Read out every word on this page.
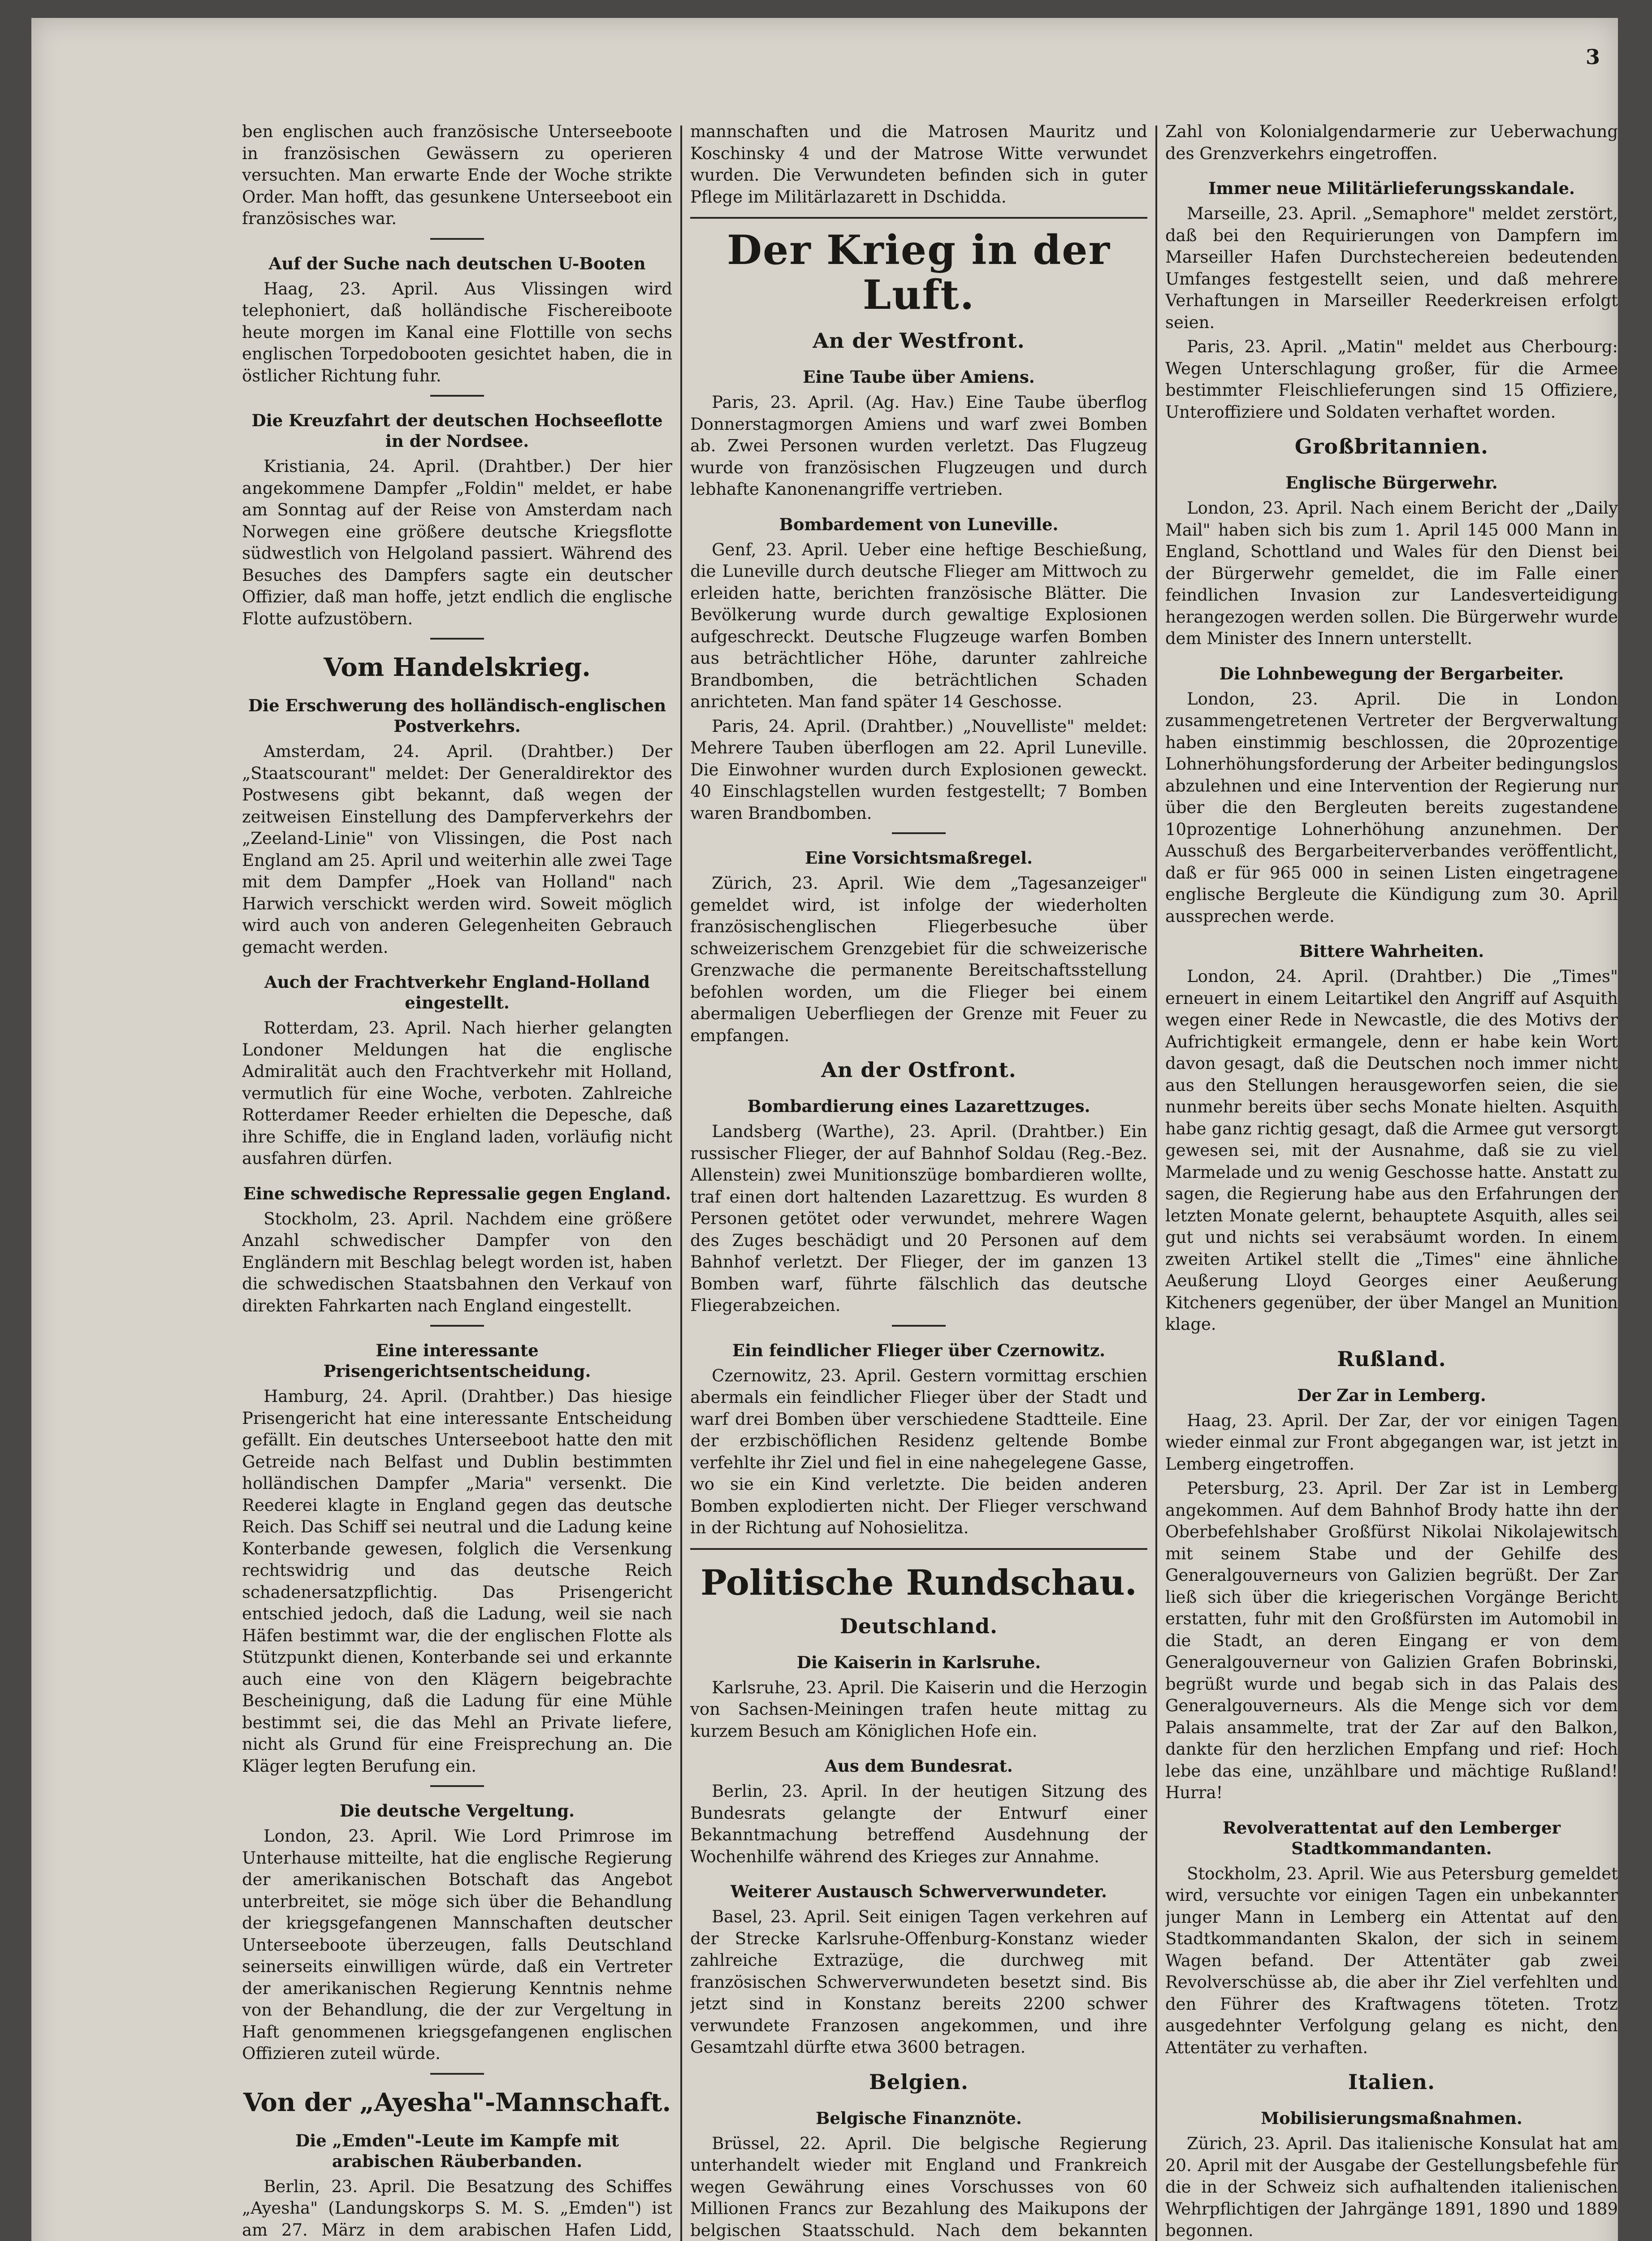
3

ben englischen auch französische Unterseeboote in französischen Gewässern zu operieren versuchten. Man erwarte Ende der Woche strikte Order. Man hofft, das gesunkene Unterseeboot ein französisches war.

Auf der Suche nach deutschen U-Booten

Haag, 23. April. Aus Vlissingen wird telephoniert, daß holländische Fischereiboote heute morgen im Kanal eine Flottille von sechs englischen Torpedobooten gesichtet haben, die in östlicher Richtung fuhr.

Die Kreuzfahrt der deutschen Hochseeflotte in der Nordsee.

Kristiania, 24. April. (Drahtber.) Der hier angekommene Dampfer „Foldin" meldet, er habe am Sonntag auf der Reise von Amsterdam nach Norwegen eine größere deutsche Kriegsflotte südwestlich von Helgoland passiert. Während des Besuches des Dampfers sagte ein deutscher Offizier, daß man hoffe, jetzt endlich die englische Flotte aufzustöbern.

Vom Handelskrieg.
Die Erschwerung des holländisch-englischen Postverkehrs.

Amsterdam, 24. April. (Drahtber.) Der „Staatscourant" meldet: Der Generaldirektor des Postwesens gibt bekannt, daß wegen der zeitweisen Einstellung des Dampferverkehrs der „Zeeland-Linie" von Vlissingen, die Post nach England am 25. April und weiterhin alle zwei Tage mit dem Dampfer „Hoek van Holland" nach Harwich verschickt werden wird. Soweit möglich wird auch von anderen Gelegenheiten Gebrauch gemacht werden.

Auch der Frachtverkehr England-Holland eingestellt.

Rotterdam, 23. April. Nach hierher gelangten Londoner Meldungen hat die englische Admiralität auch den Frachtverkehr mit Holland, vermutlich für eine Woche, verboten. Zahlreiche Rotterdamer Reeder erhielten die Depesche, daß ihre Schiffe, die in England laden, vorläufig nicht ausfahren dürfen.

Eine schwedische Repressalie gegen England.

Stockholm, 23. April. Nachdem eine größere Anzahl schwedischer Dampfer von den Engländern mit Beschlag belegt worden ist, haben die schwedischen Staatsbahnen den Verkauf von direkten Fahrkarten nach England eingestellt.

Eine interessante Prisengerichtsentscheidung.

Hamburg, 24. April. (Drahtber.) Das hiesige Prisengericht hat eine interessante Entscheidung gefällt. Ein deutsches Unterseeboot hatte den mit Getreide nach Belfast und Dublin bestimmten holländischen Dampfer „Maria" versenkt. Die Reederei klagte in England gegen das deutsche Reich. Das Schiff sei neutral und die Ladung keine Konterbande gewesen, folglich die Versenkung rechtswidrig und das deutsche Reich schadenersatzpflichtig. Das Prisengericht entschied jedoch, daß die Ladung, weil sie nach Häfen bestimmt war, die der englischen Flotte als Stützpunkt dienen, Konterbande sei und erkannte auch eine von den Klägern beigebrachte Bescheinigung, daß die Ladung für eine Mühle bestimmt sei, die das Mehl an Private liefere, nicht als Grund für eine Freisprechung an. Die Kläger legten Berufung ein.

Die deutsche Vergeltung.

London, 23. April. Wie Lord Primrose im Unterhause mitteilte, hat die englische Regierung der amerikanischen Botschaft das Angebot unterbreitet, sie möge sich über die Behandlung der kriegsgefangenen Mannschaften deutscher Unterseeboote überzeugen, falls Deutschland seinerseits einwilligen würde, daß ein Vertreter der amerikanischen Regierung Kenntnis nehme von der Behandlung, die der zur Vergeltung in Haft genommenen kriegsgefangenen englischen Offizieren zuteil würde.

Von der „Ayesha"-Mannschaft.
Die „Emden"-Leute im Kampfe mit arabischen Räuberbanden.

Berlin, 23. April. Die Besatzung des Schiffes „Ayesha" (Landungskorps S. M. S. „Emden") ist am 27. März in dem arabischen Hafen Lidd,

mannschaften und die Matrosen Mauritz und Koschinsky 4 und der Matrose Witte verwundet wurden. Die Verwundeten befinden sich in guter Pflege im Militärlazarett in Dschidda.

Der Krieg in der Luft.
An der Westfront.
Eine Taube über Amiens.

Paris, 23. April. (Ag. Hav.) Eine Taube überflog Donnerstagmorgen Amiens und warf zwei Bomben ab. Zwei Personen wurden verletzt. Das Flugzeug wurde von französischen Flugzeugen und durch lebhafte Kanonenangriffe vertrieben.

Bombardement von Luneville.

Genf, 23. April. Ueber eine heftige Beschießung, die Luneville durch deutsche Flieger am Mittwoch zu erleiden hatte, berichten französische Blätter. Die Bevölkerung wurde durch gewaltige Explosionen aufgeschreckt. Deutsche Flugzeuge warfen Bomben aus beträchtlicher Höhe, darunter zahlreiche Brandbomben, die beträchtlichen Schaden anrichteten. Man fand später 14 Geschosse.

Paris, 24. April. (Drahtber.) „Nouvelliste" meldet: Mehrere Tauben überflogen am 22. April Luneville. Die Einwohner wurden durch Explosionen geweckt. 40 Einschlagstellen wurden festgestellt; 7 Bomben waren Brandbomben.

Eine Vorsichtsmaßregel.

Zürich, 23. April. Wie dem „Tagesanzeiger" gemeldet wird, ist infolge der wiederholten französischenglischen Fliegerbesuche über schweizerischem Grenzgebiet für die schweizerische Grenzwache die permanente Bereitschaftsstellung befohlen worden, um die Flieger bei einem abermaligen Ueberfliegen der Grenze mit Feuer zu empfangen.

An der Ostfront.
Bombardierung eines Lazarettzuges.

Landsberg (Warthe), 23. April. (Drahtber.) Ein russischer Flieger, der auf Bahnhof Soldau (Reg.-Bez. Allenstein) zwei Munitionszüge bombardieren wollte, traf einen dort haltenden Lazarettzug. Es wurden 8 Personen getötet oder verwundet, mehrere Wagen des Zuges beschädigt und 20 Personen auf dem Bahnhof verletzt. Der Flieger, der im ganzen 13 Bomben warf, führte fälschlich das deutsche Fliegerabzeichen.

Ein feindlicher Flieger über Czernowitz.

Czernowitz, 23. April. Gestern vormittag erschien abermals ein feindlicher Flieger über der Stadt und warf drei Bomben über verschiedene Stadtteile. Eine der erzbischöflichen Residenz geltende Bombe verfehlte ihr Ziel und fiel in eine nahegelegene Gasse, wo sie ein Kind verletzte. Die beiden anderen Bomben explodierten nicht. Der Flieger verschwand in der Richtung auf Nohosielitza.

Politische Rundschau.
Deutschland.
Die Kaiserin in Karlsruhe.

Karlsruhe, 23. April. Die Kaiserin und die Herzogin von Sachsen-Meiningen trafen heute mittag zu kurzem Besuch am Königlichen Hofe ein.

Aus dem Bundesrat.

Berlin, 23. April. In der heutigen Sitzung des Bundesrats gelangte der Entwurf einer Bekanntmachung betreffend Ausdehnung der Wochenhilfe während des Krieges zur Annahme.

Weiterer Austausch Schwerverwundeter.

Basel, 23. April. Seit einigen Tagen verkehren auf der Strecke Karlsruhe-Offenburg-Konstanz wieder zahlreiche Extrazüge, die durchweg mit französischen Schwerverwundeten besetzt sind. Bis jetzt sind in Konstanz bereits 2200 schwer verwundete Franzosen angekommen, und ihre Gesamtzahl dürfte etwa 3600 betragen.

Belgien.
Belgische Finanznöte.

Brüssel, 22. April. Die belgische Regierung unterhandelt wieder mit England und Frankreich wegen Gewährung eines Vorschusses von 60 Millionen Francs zur Bezahlung des Maikupons der belgischen Staatsschuld. Nach dem bekannten

Zahl von Kolonialgendarmerie zur Ueberwachung des Grenzverkehrs eingetroffen.

Immer neue Militärlieferungsskandale.

Marseille, 23. April. „Semaphore" meldet zerstört, daß bei den Requirierungen von Dampfern im Marseiller Hafen Durchstechereien bedeutenden Umfanges festgestellt seien, und daß mehrere Verhaftungen in Marseiller Reederkreisen erfolgt seien.

Paris, 23. April. „Matin" meldet aus Cherbourg: Wegen Unterschlagung großer, für die Armee bestimmter Fleischlieferungen sind 15 Offiziere, Unteroffiziere und Soldaten verhaftet worden.

Großbritannien.
Englische Bürgerwehr.

London, 23. April. Nach einem Bericht der „Daily Mail" haben sich bis zum 1. April 145 000 Mann in England, Schottland und Wales für den Dienst bei der Bürgerwehr gemeldet, die im Falle einer feindlichen Invasion zur Landesverteidigung herangezogen werden sollen. Die Bürgerwehr wurde dem Minister des Innern unterstellt.

Die Lohnbewegung der Bergarbeiter.

London, 23. April. Die in London zusammengetretenen Vertreter der Bergverwaltung haben einstimmig beschlossen, die 20prozentige Lohnerhöhungsforderung der Arbeiter bedingungslos abzulehnen und eine Intervention der Regierung nur über die den Bergleuten bereits zugestandene 10prozentige Lohnerhöhung anzunehmen. Der Ausschuß des Bergarbeiterverbandes veröffentlicht, daß er für 965 000 in seinen Listen eingetragene englische Bergleute die Kündigung zum 30. April aussprechen werde.

Bittere Wahrheiten.

London, 24. April. (Drahtber.) Die „Times" erneuert in einem Leitartikel den Angriff auf Asquith wegen einer Rede in Newcastle, die des Motivs der Aufrichtigkeit ermangele, denn er habe kein Wort davon gesagt, daß die Deutschen noch immer nicht aus den Stellungen herausgeworfen seien, die sie nunmehr bereits über sechs Monate hielten. Asquith habe ganz richtig gesagt, daß die Armee gut versorgt gewesen sei, mit der Ausnahme, daß sie zu viel Marmelade und zu wenig Geschosse hatte. Anstatt zu sagen, die Regierung habe aus den Erfahrungen der letzten Monate gelernt, behauptete Asquith, alles sei gut und nichts sei verabsäumt worden. In einem zweiten Artikel stellt die „Times" eine ähnliche Aeußerung Lloyd Georges einer Aeußerung Kitcheners gegenüber, der über Mangel an Munition klage.

Rußland.
Der Zar in Lemberg.

Haag, 23. April. Der Zar, der vor einigen Tagen wieder einmal zur Front abgegangen war, ist jetzt in Lemberg eingetroffen.

Petersburg, 23. April. Der Zar ist in Lemberg angekommen. Auf dem Bahnhof Brody hatte ihn der Oberbefehlshaber Großfürst Nikolai Nikolajewitsch mit seinem Stabe und der Gehilfe des Generalgouverneurs von Galizien begrüßt. Der Zar ließ sich über die kriegerischen Vorgänge Bericht erstatten, fuhr mit den Großfürsten im Automobil in die Stadt, an deren Eingang er von dem Generalgouverneur von Galizien Grafen Bobrinski, begrüßt wurde und begab sich in das Palais des Generalgouverneurs. Als die Menge sich vor dem Palais ansammelte, trat der Zar auf den Balkon, dankte für den herzlichen Empfang und rief: Hoch lebe das eine, unzählbare und mächtige Rußland! Hurra!

Revolverattentat auf den Lemberger Stadtkommandanten.

Stockholm, 23. April. Wie aus Petersburg gemeldet wird, versuchte vor einigen Tagen ein unbekannter junger Mann in Lemberg ein Attentat auf den Stadtkommandanten Skalon, der sich in seinem Wagen befand. Der Attentäter gab zwei Revolverschüsse ab, die aber ihr Ziel verfehlten und den Führer des Kraftwagens töteten. Trotz ausgedehnter Verfolgung gelang es nicht, den Attentäter zu verhaften.

Italien.
Mobilisierungsmaßnahmen.

Zürich, 23. April. Das italienische Konsulat hat am 20. April mit der Ausgabe der Gestellungsbefehle für die in der Schweiz sich aufhaltenden italienischen Wehrpflichtigen der Jahrgänge 1891, 1890 und 1889 begonnen.
